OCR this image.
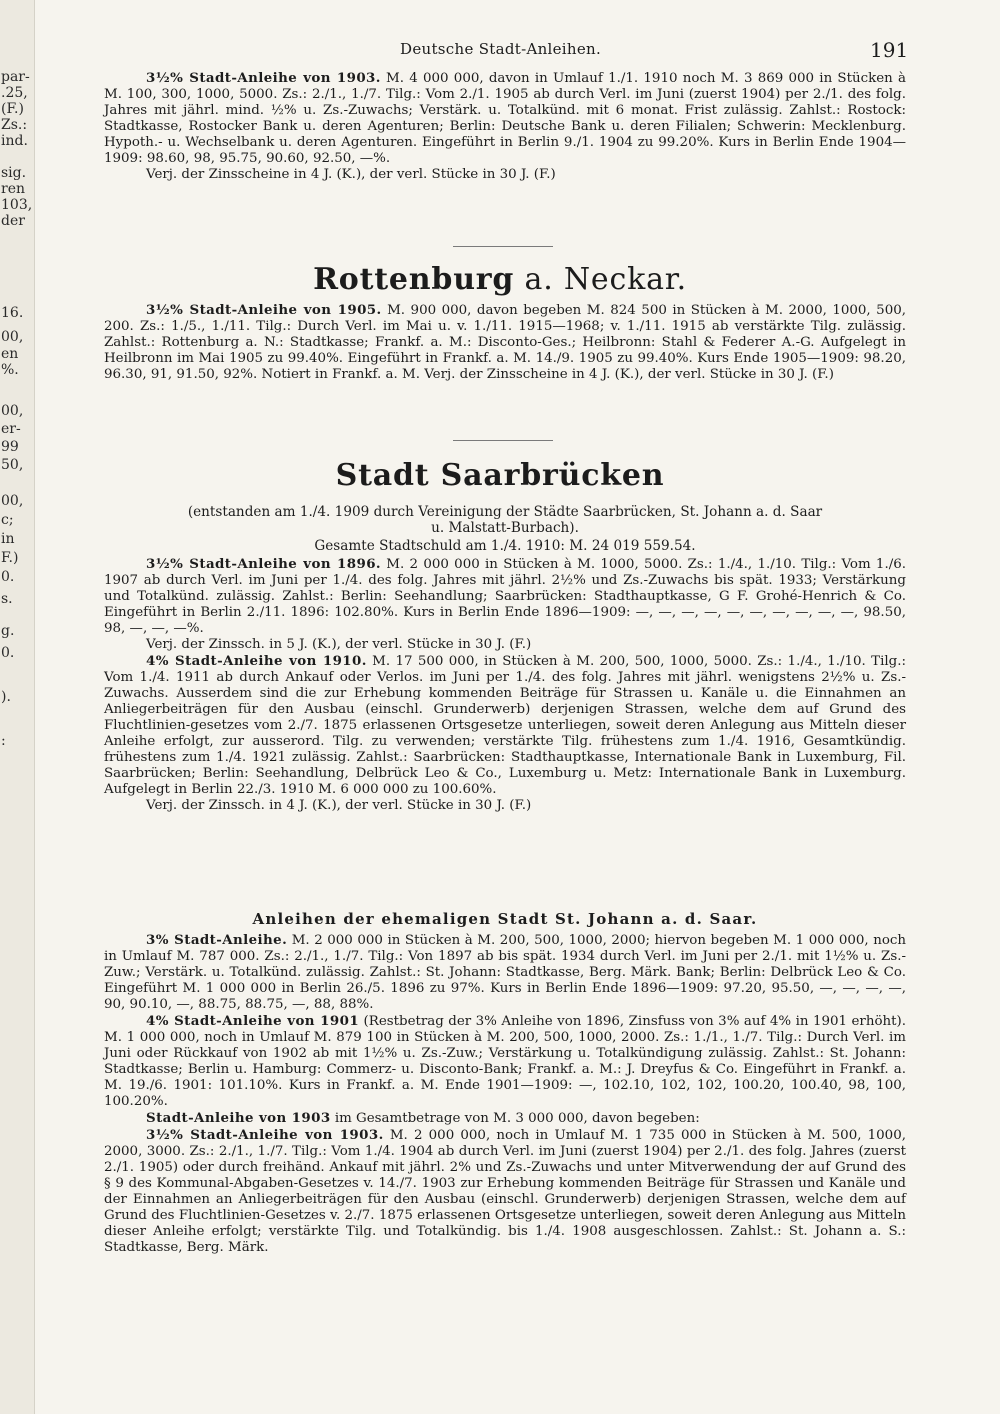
par-
.25,
(F.)
Zs.:
ind.
sig.
ren
103,
der
16.
00,
en
%.
00,
er-
99
50,
00,
c;
in
F.)
0.
s.
g.
0.
).
:
Deutsche Stadt-Anleihen.	191

3½% Stadt-Anleihe von 1903. M. 4 000 000, davon in Umlauf 1./1. 1910 noch M. 3 869 000 in Stücken à M. 100, 300, 1000, 5000. Zs.: 2./1., 1./7. Tilg.: Vom 2./1. 1905 ab durch Verl. im Juni (zuerst 1904) per 2./1. des folg. Jahres mit jährl. mind. ½% u. Zs.-Zuwachs; Verstärk. u. Totalkünd. mit 6 monat. Frist zulässig. Zahlst.: Rostock: Stadtkasse, Rostocker Bank u. deren Agenturen; Berlin: Deutsche Bank u. deren Filialen; Schwerin: Mecklenburg. Hypoth.- u. Wechselbank u. deren Agenturen. Eingeführt in Berlin 9./1. 1904 zu 99.20%. Kurs in Berlin Ende 1904—1909: 98.60, 98, 95.75, 90.60, 92.50, —%.

Verj. der Zinsscheine in 4 J. (K.), der verl. Stücke in 30 J. (F.)

Rottenburg a. Neckar.

3½% Stadt-Anleihe von 1905. M. 900 000, davon begeben M. 824 500 in Stücken à M. 2000, 1000, 500, 200. Zs.: 1./5., 1./11. Tilg.: Durch Verl. im Mai u. v. 1./11. 1915—1968; v. 1./11. 1915 ab verstärkte Tilg. zulässig. Zahlst.: Rottenburg a. N.: Stadtkasse; Frankf. a. M.: Disconto-Ges.; Heilbronn: Stahl & Federer A.-G. Aufgelegt in Heilbronn im Mai 1905 zu 99.40%. Eingeführt in Frankf. a. M. 14./9. 1905 zu 99.40%. Kurs Ende 1905—1909: 98.20, 96.30, 91, 91.50, 92%. Notiert in Frankf. a. M. Verj. der Zinsscheine in 4 J. (K.), der verl. Stücke in 30 J. (F.)

Stadt Saarbrücken
(entstanden am 1./4. 1909 durch Vereinigung der Städte Saarbrücken, St. Johann a. d. Saar
u. Malstatt-Burbach).
Gesamte Stadtschuld am 1./4. 1910: M. 24 019 559.54.

3½% Stadt-Anleihe von 1896. M. 2 000 000 in Stücken à M. 1000, 5000. Zs.: 1./4., 1./10. Tilg.: Vom 1./6. 1907 ab durch Verl. im Juni per 1./4. des folg. Jahres mit jährl. 2½% und Zs.-Zuwachs bis spät. 1933; Verstärkung und Totalkünd. zulässig. Zahlst.: Berlin: Seehandlung; Saarbrücken: Stadthauptkasse, G F. Grohé-Henrich & Co. Eingeführt in Berlin 2./11. 1896: 102.80%. Kurs in Berlin Ende 1896—1909: —, —, —, —, —, —, —, —, —, —, 98.50, 98, —, —, —%.

Verj. der Zinssch. in 5 J. (K.), der verl. Stücke in 30 J. (F.)

4% Stadt-Anleihe von 1910. M. 17 500 000, in Stücken à M. 200, 500, 1000, 5000. Zs.: 1./4., 1./10. Tilg.: Vom 1./4. 1911 ab durch Ankauf oder Verlos. im Juni per 1./4. des folg. Jahres mit jährl. wenigstens 2½% u. Zs.-Zuwachs. Ausserdem sind die zur Erhebung kommenden Beiträge für Strassen u. Kanäle u. die Einnahmen an Anliegerbeiträgen für den Ausbau (einschl. Grunderwerb) derjenigen Strassen, welche dem auf Grund des Fluchtlinien-gesetzes vom 2./7. 1875 erlassenen Ortsgesetze unterliegen, soweit deren Anlegung aus Mitteln dieser Anleihe erfolgt, zur ausserord. Tilg. zu verwenden; verstärkte Tilg. frühestens zum 1./4. 1916, Gesamtkündig. frühestens zum 1./4. 1921 zulässig. Zahlst.: Saarbrücken: Stadthauptkasse, Internationale Bank in Luxemburg, Fil. Saarbrücken; Berlin: Seehandlung, Delbrück Leo & Co., Luxemburg u. Metz: Internationale Bank in Luxemburg. Aufgelegt in Berlin 22./3. 1910 M. 6 000 000 zu 100.60%.

Verj. der Zinssch. in 4 J. (K.), der verl. Stücke in 30 J. (F.)

Anleihen der ehemaligen Stadt St. Johann a. d. Saar.

3% Stadt-Anleihe. M. 2 000 000 in Stücken à M. 200, 500, 1000, 2000; hiervon begeben M. 1 000 000, noch in Umlauf M. 787 000. Zs.: 2./1., 1./7. Tilg.: Von 1897 ab bis spät. 1934 durch Verl. im Juni per 2./1. mit 1½% u. Zs.-Zuw.; Verstärk. u. Totalkünd. zulässig. Zahlst.: St. Johann: Stadtkasse, Berg. Märk. Bank; Berlin: Delbrück Leo & Co. Eingeführt M. 1 000 000 in Berlin 26./5. 1896 zu 97%. Kurs in Berlin Ende 1896—1909: 97.20, 95.50, —, —, —, —, 90, 90.10, —, 88.75, 88.75, —, 88, 88%.

4% Stadt-Anleihe von 1901 (Restbetrag der 3% Anleihe von 1896, Zinsfuss von 3% auf 4% in 1901 erhöht). M. 1 000 000, noch in Umlauf M. 879 100 in Stücken à M. 200, 500, 1000, 2000. Zs.: 1./1., 1./7. Tilg.: Durch Verl. im Juni oder Rückkauf von 1902 ab mit 1½% u. Zs.-Zuw.; Verstärkung u. Totalkündigung zulässig. Zahlst.: St. Johann: Stadtkasse; Berlin u. Hamburg: Commerz- u. Disconto-Bank; Frankf. a. M.: J. Dreyfus & Co. Eingeführt in Frankf. a. M. 19./6. 1901: 101.10%. Kurs in Frankf. a. M. Ende 1901—1909: —, 102.10, 102, 102, 100.20, 100.40, 98, 100, 100.20%.

Stadt-Anleihe von 1903 im Gesamtbetrage von M. 3 000 000, davon begeben:

3½% Stadt-Anleihe von 1903. M. 2 000 000, noch in Umlauf M. 1 735 000 in Stücken à M. 500, 1000, 2000, 3000. Zs.: 2./1., 1./7. Tilg.: Vom 1./4. 1904 ab durch Verl. im Juni (zuerst 1904) per 2./1. des folg. Jahres (zuerst 2./1. 1905) oder durch freihänd. Ankauf mit jährl. 2% und Zs.-Zuwachs und unter Mitverwendung der auf Grund des § 9 des Kommunal-Abgaben-Gesetzes v. 14./7. 1903 zur Erhebung kommenden Beiträge für Strassen und Kanäle und der Einnahmen an Anliegerbeiträgen für den Ausbau (einschl. Grunderwerb) derjenigen Strassen, welche dem auf Grund des Fluchtlinien-Gesetzes v. 2./7. 1875 erlassenen Ortsgesetze unterliegen, soweit deren Anlegung aus Mitteln dieser Anleihe erfolgt; verstärkte Tilg. und Totalkündig. bis 1./4. 1908 ausgeschlossen. Zahlst.: St. Johann a. S.: Stadtkasse, Berg. Märk.
